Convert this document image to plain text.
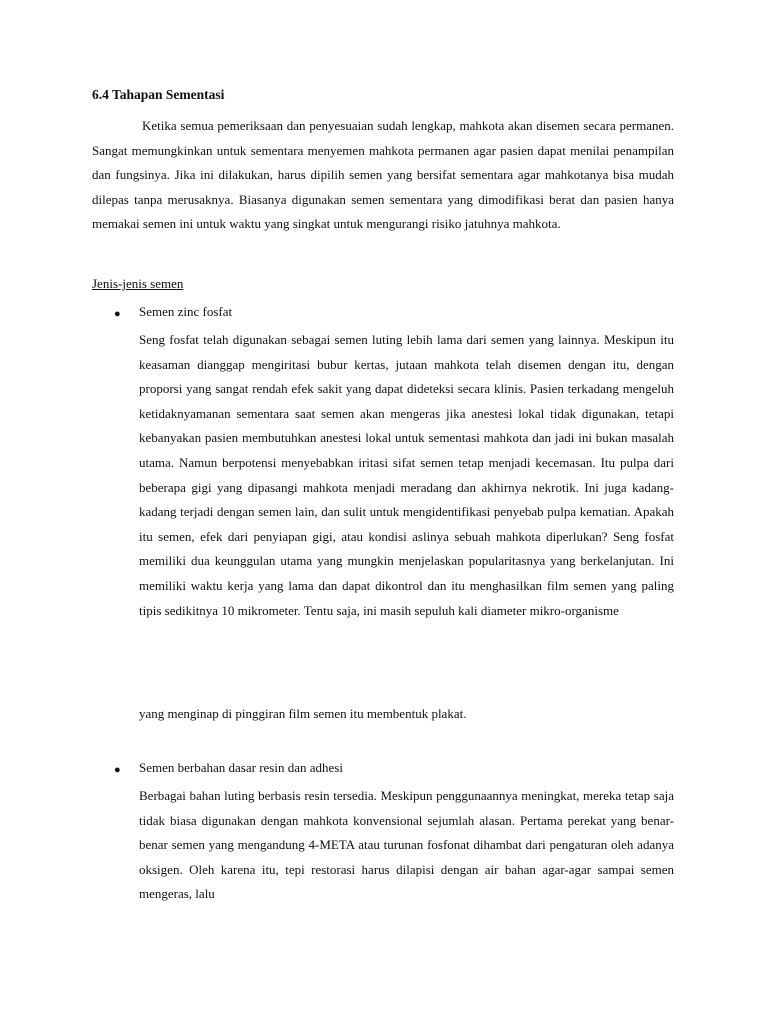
6.4 Tahapan Sementasi

Ketika semua pemeriksaan dan penyesuaian sudah lengkap, mahkota akan disemen secara permanen. Sangat memungkinkan untuk sementara menyemen mahkota permanen agar pasien dapat menilai penampilan dan fungsinya. Jika ini dilakukan, harus dipilih semen yang bersifat sementara agar mahkotanya bisa mudah dilepas tanpa merusaknya. Biasanya digunakan semen sementara yang dimodifikasi berat dan pasien hanya memakai semen ini untuk waktu yang singkat untuk mengurangi risiko jatuhnya mahkota.

Jenis-jenis semen

● Semen zinc fosfat

Seng fosfat telah digunakan sebagai semen luting lebih lama dari semen yang lainnya. Meskipun itu keasaman dianggap mengiritasi bubur kertas, jutaan mahkota telah disemen dengan itu, dengan proporsi yang sangat rendah efek sakit yang dapat dideteksi secara klinis. Pasien terkadang mengeluh ketidaknyamanan sementara saat semen akan mengeras jika anestesi lokal tidak digunakan, tetapi kebanyakan pasien membutuhkan anestesi lokal untuk sementasi mahkota dan jadi ini bukan masalah utama. Namun berpotensi menyebabkan iritasi sifat semen tetap menjadi kecemasan. Itu pulpa dari beberapa gigi yang dipasangi mahkota menjadi meradang dan akhirnya nekrotik. Ini juga kadang-kadang terjadi dengan semen lain, dan sulit untuk mengidentifikasi penyebab pulpa kematian. Apakah itu semen, efek dari penyiapan gigi, atau kondisi aslinya sebuah mahkota diperlukan? Seng fosfat memiliki dua keunggulan utama yang mungkin menjelaskan popularitasnya yang berkelanjutan. Ini memiliki waktu kerja yang lama dan dapat dikontrol dan itu menghasilkan film semen yang paling tipis sedikitnya 10 mikrometer. Tentu saja, ini masih sepuluh kali diameter mikro-organisme

yang menginap di pinggiran film semen itu membentuk plakat.

● Semen berbahan dasar resin dan adhesi

Berbagai bahan luting berbasis resin tersedia. Meskipun penggunaannya meningkat, mereka tetap saja tidak biasa digunakan dengan mahkota konvensional sejumlah alasan. Pertama perekat yang benar-benar semen yang mengandung 4-META atau turunan fosfonat dihambat dari pengaturan oleh adanya oksigen. Oleh karena itu, tepi restorasi harus dilapisi dengan air bahan agar-agar sampai semen mengeras, lalu
